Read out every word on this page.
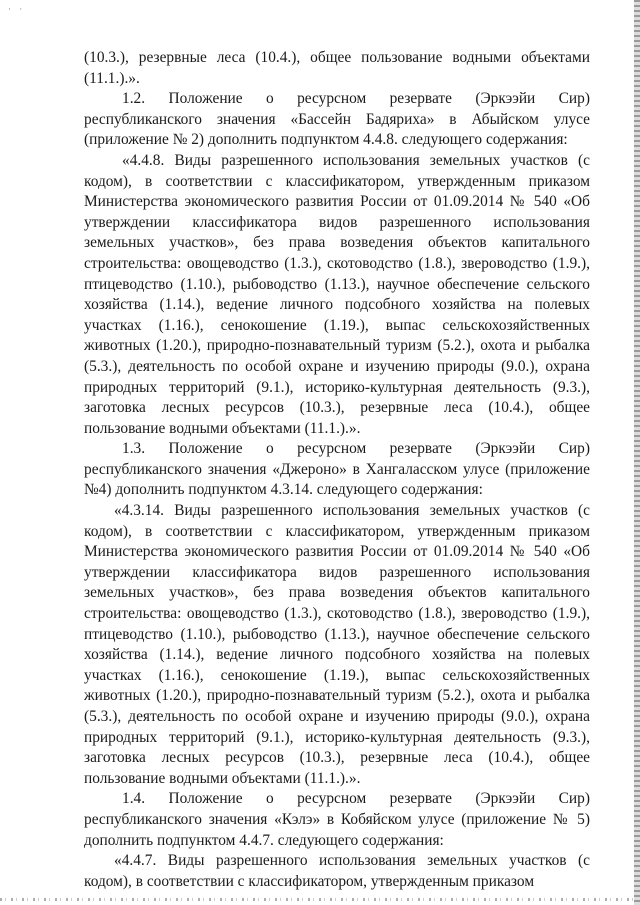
· ·

(10.3.), резервные леса (10.4.), общее пользование водными объектами (11.1.).».

1.2. Положение о ресурсном резервате (Эркээйи Сир) республиканского значения «Бассейн Бадяриха» в Абыйском улусе (приложение № 2) дополнить подпунктом 4.4.8. следующего содержания:

«4.4.8. Виды разрешенного использования земельных участков (с кодом), в соответствии с классификатором, утвержденным приказом Министерства экономического развития России от 01.09.2014 № 540 «Об утверждении классификатора видов разрешенного использования земельных участков», без права возведения объектов капитального строительства: овощеводство (1.3.), скотоводство (1.8.), звероводство (1.9.), птицеводство (1.10.), рыбоводство (1.13.), научное обеспечение сельского хозяйства (1.14.), ведение личного подсобного хозяйства на полевых участках (1.16.), сенокошение (1.19.), выпас сельскохозяйственных животных (1.20.), природно-познавательный туризм (5.2.), охота и рыбалка (5.3.), деятельность по особой охране и изучению природы (9.0.), охрана природных территорий (9.1.), историко-культурная деятельность (9.3.), заготовка лесных ресурсов (10.3.), резервные леса (10.4.), общее пользование водными объектами (11.1.).».

1.3. Положение о ресурсном резервате (Эркээйи Сир) республиканского значения «Джероно» в Хангаласском улусе (приложение №4) дополнить подпунктом 4.3.14. следующего содержания:

«4.3.14. Виды разрешенного использования земельных участков (с кодом), в соответствии с классификатором, утвержденным приказом Министерства экономического развития России от 01.09.2014 № 540 «Об утверждении классификатора видов разрешенного использования земельных участков», без права возведения объектов капитального строительства: овощеводство (1.3.), скотоводство (1.8.), звероводство (1.9.), птицеводство (1.10.), рыбоводство (1.13.), научное обеспечение сельского хозяйства (1.14.), ведение личного подсобного хозяйства на полевых участках (1.16.), сенокошение (1.19.), выпас сельскохозяйственных животных (1.20.), природно-познавательный туризм (5.2.), охота и рыбалка (5.3.), деятельность по особой охране и изучению природы (9.0.), охрана природных территорий (9.1.), историко-культурная деятельность (9.3.), заготовка лесных ресурсов (10.3.), резервные леса (10.4.), общее пользование водными объектами (11.1.).».

1.4. Положение о ресурсном резервате (Эркээйи Сир) республиканского значения «Кэлэ» в Кобяйском улусе (приложение № 5) дополнить подпунктом 4.4.7. следующего содержания:

«4.4.7. Виды разрешенного использования земельных участков (с кодом), в соответствии с классификатором, утвержденным приказом
